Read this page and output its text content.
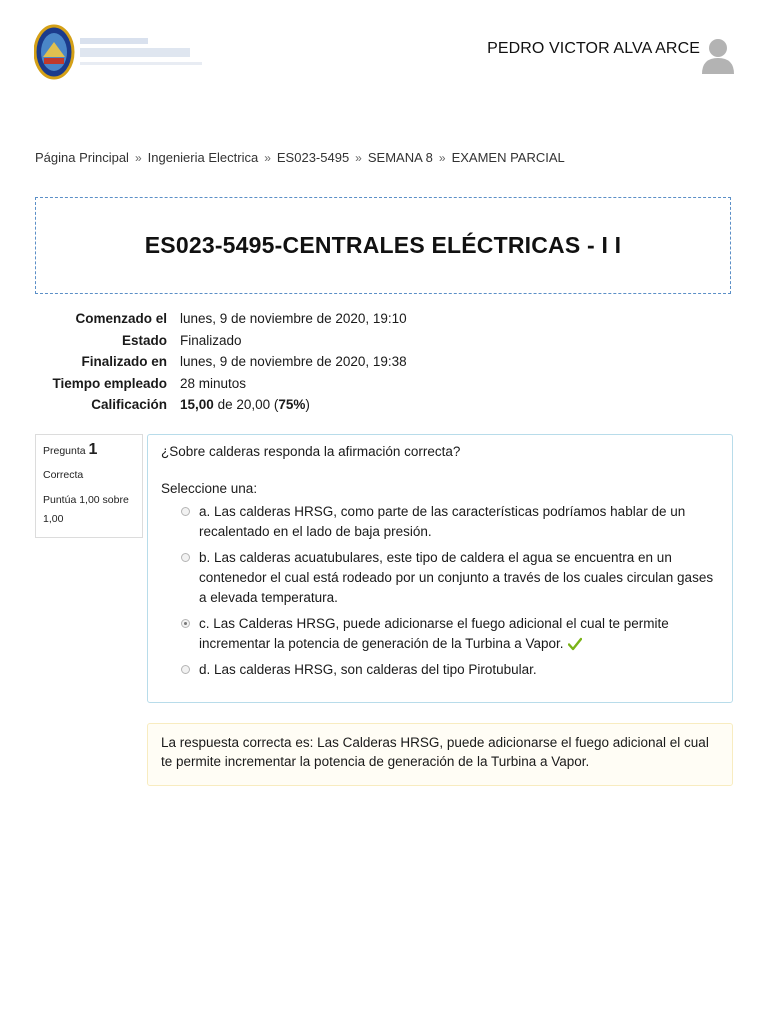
PEDRO VICTOR ALVA ARCE
Página Principal » Ingenieria Electrica » ES023-5495 » SEMANA 8 » EXAMEN PARCIAL
ES023-5495-CENTRALES ELÉCTRICAS - I I
Comenzado el lunes, 9 de noviembre de 2020, 19:10
Estado Finalizado
Finalizado en lunes, 9 de noviembre de 2020, 19:38
Tiempo empleado 28 minutos
Calificación 15,00 de 20,00 (75%)
Pregunta 1
Correcta
Puntúa 1,00 sobre 1,00

¿Sobre calderas responda la afirmación correcta?

Seleccione una:

a. Las calderas HRSG, como parte de las características podríamos hablar de un recalentado en el lado de baja presión.
b. Las calderas acuatubulares, este tipo de caldera el agua se encuentra en un contenedor el cual está rodeado por un conjunto a través de los cuales circulan gases a elevada temperatura.
c. Las Calderas HRSG, puede adicionarse el fuego adicional el cual te permite incrementar la potencia de generación de la Turbina a Vapor.
d. Las calderas HRSG, son calderas del tipo Pirotubular.
La respuesta correcta es: Las Calderas HRSG, puede adicionarse el fuego adicional el cual te permite incrementar la potencia de generación de la Turbina a Vapor.
